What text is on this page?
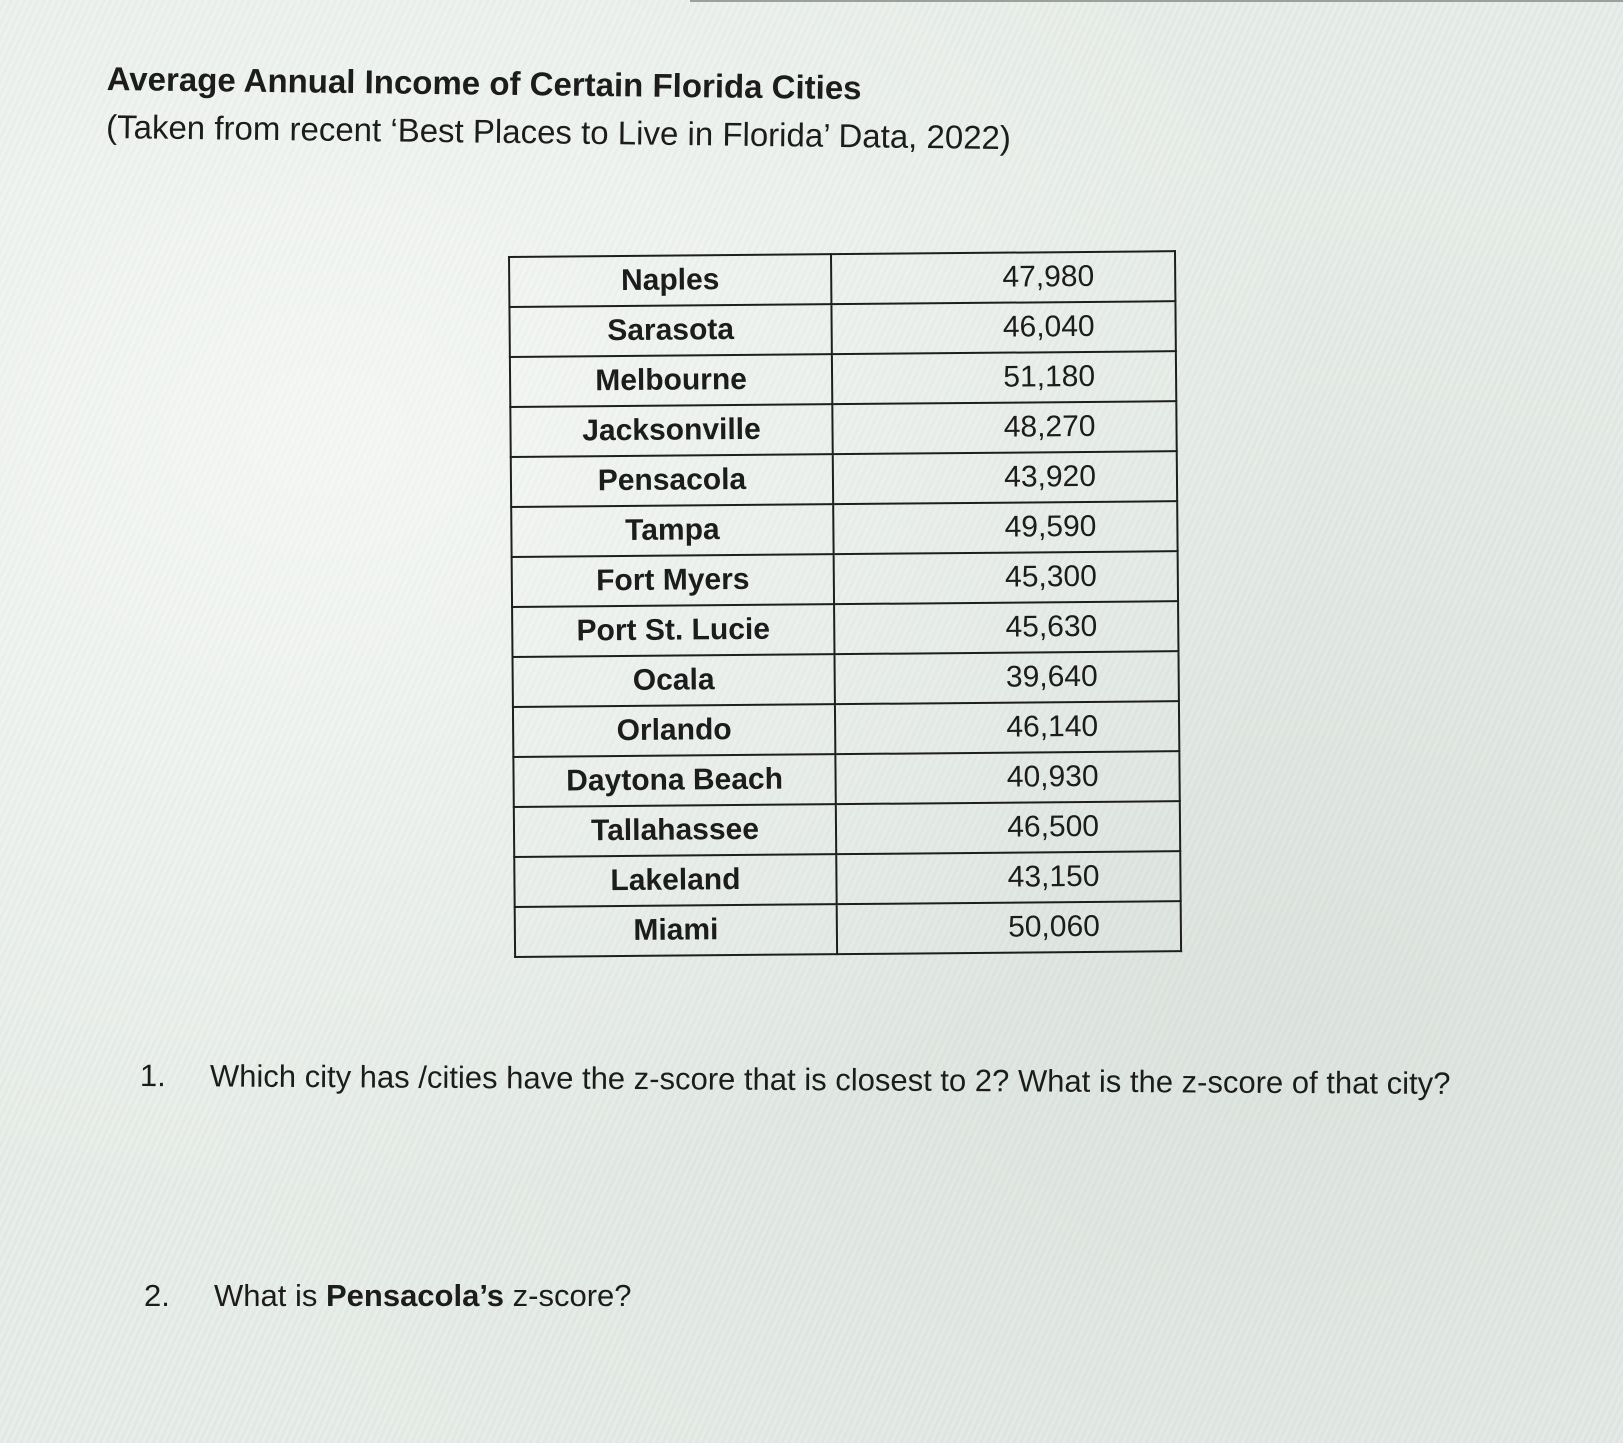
Average Annual Income of Certain Florida Cities
(Taken from recent ‘Best Places to Live in Florida’ Data, 2022)
Naples	47,980
Sarasota	46,040
Melbourne	51,180
Jacksonville	48,270
Pensacola	43,920
Tampa	49,590
Fort Myers	45,300
Port St. Lucie	45,630
Ocala	39,640
Orlando	46,140
Daytona Beach	40,930
Tallahassee	46,500
Lakeland	43,150
Miami	50,060
1. Which city has /cities have the z-score that is closest to 2? What is the z-score of that city?
2. What is Pensacola’s z-score?
